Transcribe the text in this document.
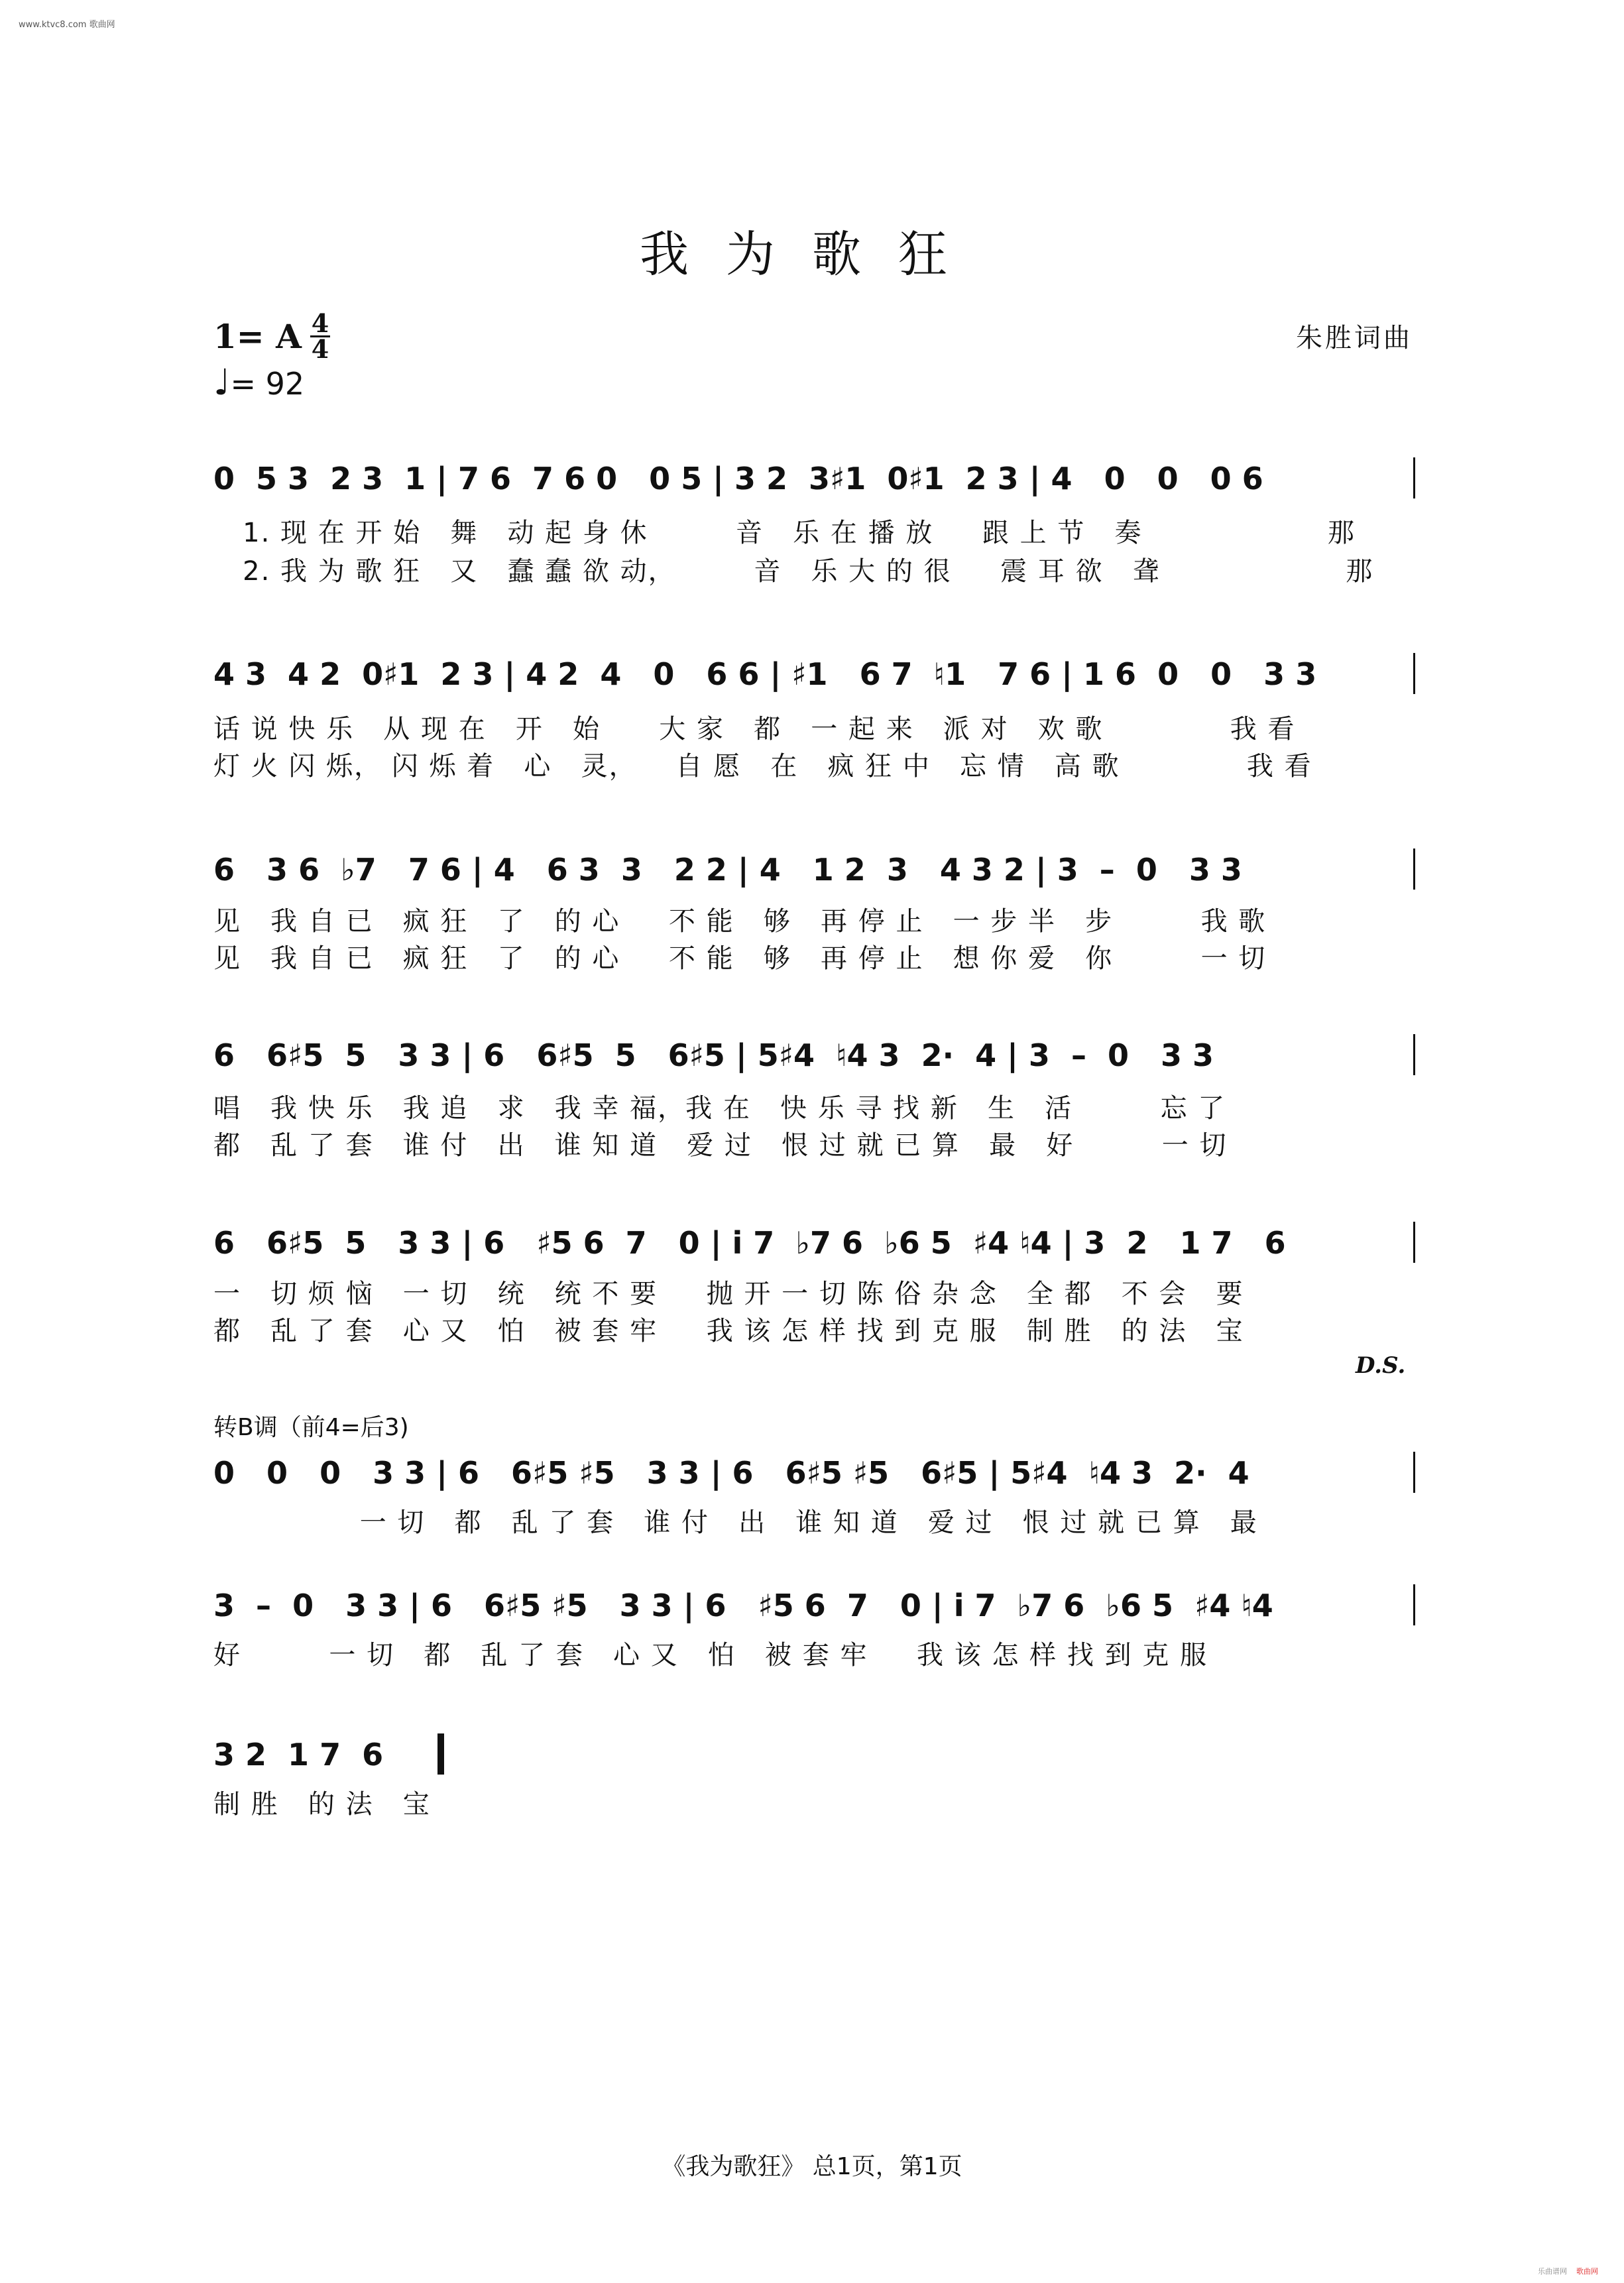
www.ktvc8.com 歌曲网
我为歌狂
1= A 4
4
♩= 92
朱胜词曲
0  5 3  2 3  1 | 7 6  7 6 0   0 5 | 3 2  3♯1  0♯1  2 3 | 4   0   0   0 6
1. 现 在 开 始   舞   动 起 身 休         音   乐 在 播 放     跟 上 节   奏                   那
2. 我 为 歌 狂   又   蠢 蠢 欲 动，        音   乐 大 的 很     震 耳 欲   聋                   那
4 3  4 2  0♯1  2 3 | 4 2  4   0   6 6 | ♯1   6 7  ♮1   7 6 | 1 6  0   0   3 3
话 说 快 乐   从 现 在   开   始      大 家   都   一 起 来   派 对   欢 歌             我 看
灯 火 闪 烁， 闪 烁 着   心   灵，    自 愿   在   疯 狂 中   忘 情   高 歌             我 看
6   3 6  ♭7   7 6 | 4   6 3  3   2 2 | 4   1 2  3   4 3 2 | 3  –  0   3 3
见   我 自 已   疯 狂   了   的 心     不 能   够   再 停 止   一 步 半   步         我 歌
见   我 自 已   疯 狂   了   的 心     不 能   够   再 停 止   想 你 爱   你         一 切
6   6♯5  5   3 3 | 6   6♯5  5   6♯5 | 5♯4  ♮4 3  2·  4 | 3  –  0   3 3
唱   我 快 乐   我 追   求   我 幸 福，我 在   快 乐 寻 找 新   生   活         忘 了
都   乱 了 套   谁 付   出   谁 知 道   爱 过   恨 过 就 已 算   最   好         一 切
6   6♯5  5   3 3 | 6   ♯5 6  7   0 | i 7  ♭7 6  ♭6 5  ♯4 ♮4 | 3  2   1 7   6
一   切 烦 恼   一 切   统   统 不 要     抛 开 一 切 陈 俗 杂 念   全 都   不 会   要
都   乱 了 套   心 又   怕   被 套 牢     我 该 怎 样 找 到 克 服   制 胜   的 法   宝
D.S.
转B调（前4=后3)
0   0   0   3 3 | 6   6♯5 ♯5   3 3 | 6   6♯5 ♯5   6♯5 | 5♯4  ♮4 3  2·  4
一 切   都   乱 了 套   谁 付   出   谁 知 道   爱 过   恨 过 就 已 算   最
3  –  0   3 3 | 6   6♯5 ♯5   3 3 | 6   ♯5 6  7   0 | i 7  ♭7 6  ♭6 5  ♯4 ♮4
好         一 切   都   乱 了 套   心 又   怕   被 套 牢     我 该 怎 样 找 到 克 服
3 2  1 7  6
制 胜   的 法   宝
《我为歌狂》 总1页，第1页
乐曲谱网 歌曲网
